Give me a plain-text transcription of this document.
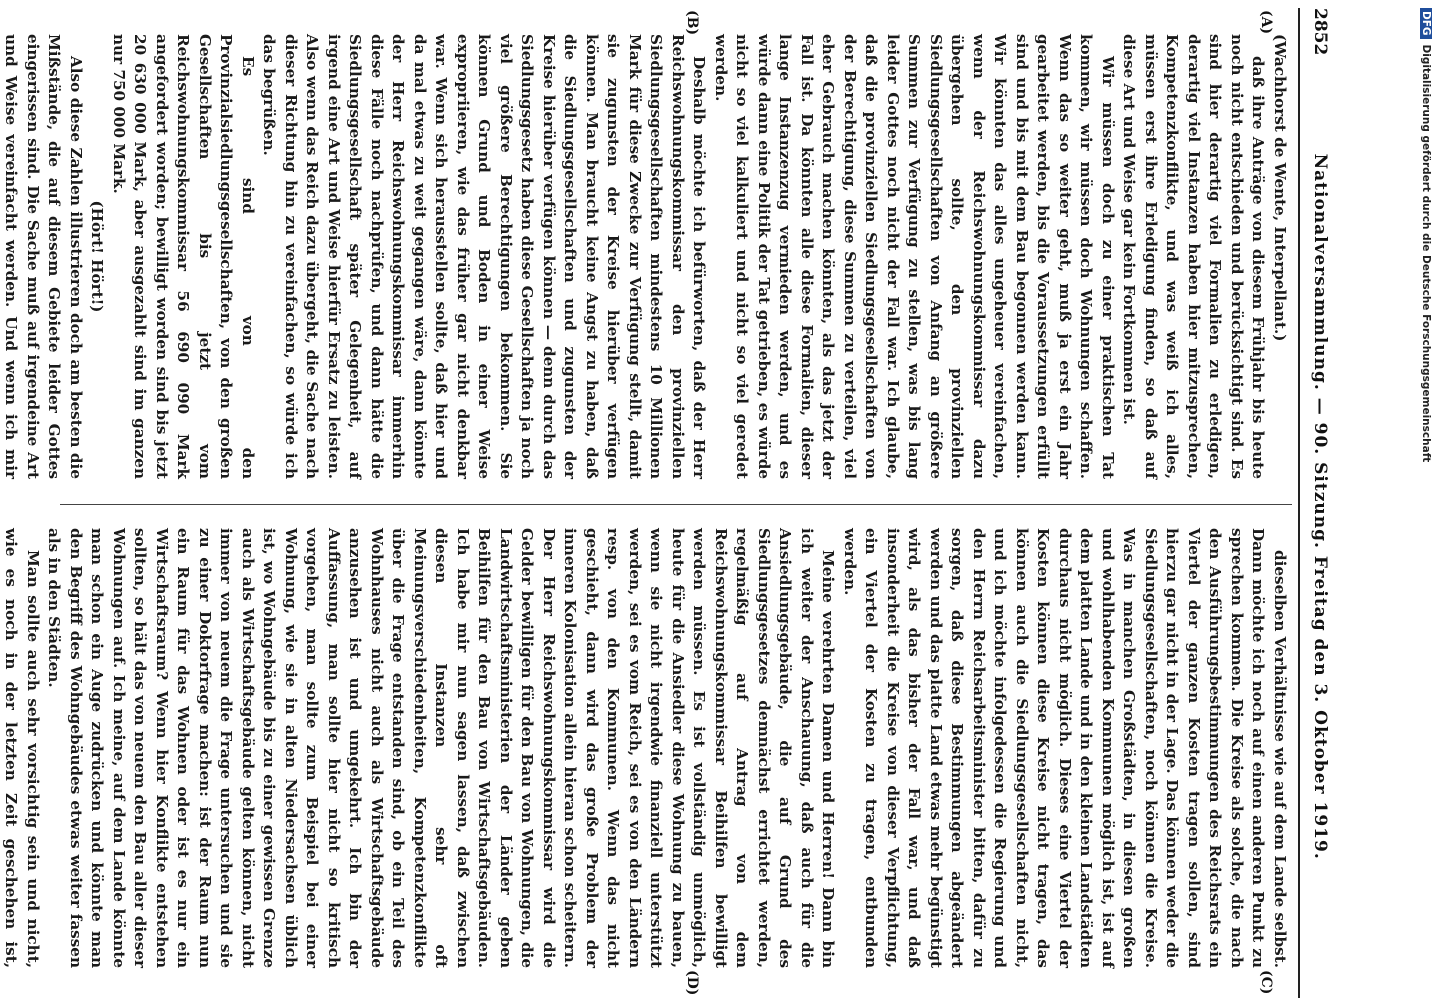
2852
Nationalversammlung. — 90. Sitzung. Freitag den 3. Oktober 1919.
(A)
(B)
(C)
(D)

(Wachhorst de Wente, Interpellant.)

daß ihre Anträge von diesem Frühjahr bis heute noch nicht entschieden und berücksichtigt sind. Es sind hier derartig viel Formalien zu erledigen, derartig viel Instanzen haben hier mitzusprechen, Kompetenzkonflikte, und was weiß ich alles, müssen erst ihre Erledigung finden, so daß auf diese Art und Weise gar kein Fortkommen ist.

Wir müssen doch zu einer praktischen Tat kommen, wir müssen doch Wohnungen schaffen. Wenn das so weiter geht, muß ja erst ein Jahr gearbeitet werden, bis die Voraussetzungen erfüllt sind und bis mit dem Bau begonnen werden kann. Wir könnten das alles ungeheuer vereinfachen, wenn der Reichswohnungskommissar dazu übergehen sollte, den provinziellen Siedlungsgesellschaften von Anfang an größere Summen zur Verfügung zu stellen, was bis lang leider Gottes noch nicht der Fall war. Ich glaube, daß die provinziellen Siedlungsgesellschaften von der Berechtigung, diese Summen zu verteilen, viel eher Gebrauch machen könnten, als das jetzt der Fall ist. Da könnten alle diese Formalien, dieser lange Instanzenzug vermieden werden, und es würde dann eine Politik der Tat getrieben, es würde nicht so viel kalkuliert und nicht so viel geredet werden.

Deshalb möchte ich befürworten, daß der Herr Reichswohnungskommissar den provinziellen Siedlungsgesellschaften mindestens 10 Millionen Mark für diese Zwecke zur Verfügung stellt, damit sie zugunsten der Kreise hierüber verfügen können. Man braucht keine Angst zu haben, daß die Siedlungsgesellschaften und zugunsten der Kreise hierüber verfügen können — denn durch das Siedlungsgesetz haben diese Gesellschaften ja noch viel größere Berechtigungen bekommen. Sie können Grund und Boden in einer Weise expropriieren, wie das früher gar nicht denkbar war. Wenn sich herausstellen sollte, daß hier und da mal etwas zu weit gegangen wäre, dann könnte der Herr Reichswohnungskommissar immerhin diese Fälle noch nachprüfen, und dann hätte die Siedlungsgesellschaft später Gelegenheit, auf irgend eine Art und Weise hierfür Ersatz zu leisten. Also wenn das Reich dazu übergeht, die Sache nach dieser Richtung hin zu vereinfachen, so würde ich das begrüßen.

Es sind von den Provinzialsiedlungsgesellschaften, von den großen Gesellschaften bis jetzt vom Reichswohnungskommissar 56 690 090 Mark angefordert worden; bewilligt worden sind bis jetzt 20 630 000 Mark, aber ausgezahlt sind im ganzen nur 750 000 Mark.

(Hört! Hört!)

Also diese Zahlen illustrieren doch am besten die Mißstände, die auf diesem Gebiete leider Gottes eingerissen sind. Die Sache muß auf irgendeine Art und Weise vereinfacht werden. Und wenn ich mir

dieselben Verhältnisse wie auf dem Lande selbst. Dann möchte ich noch auf einen anderen Punkt zu sprechen kommen. Die Kreise als solche, die nach den Ausführungsbestimmungen des Reichsrats ein Viertel der ganzen Kosten tragen sollen, sind hierzu gar nicht in der Lage. Das können weder die Siedlungsgesellschaften, noch können die Kreise. Was in manchen Großstädten, in diesen großen und wohlhabenden Kommunen möglich ist, ist auf dem platten Lande und in den kleinen Landstädten durchaus nicht möglich. Dieses eine Viertel der Kosten können diese Kreise nicht tragen, das können auch die Siedlungsgesellschaften nicht, und ich möchte infolgedessen die Regierung und den Herrn Reichsarbeitsminister bitten, dafür zu sorgen, daß diese Bestimmungen abgeändert werden und das platte Land etwas mehr begünstigt wird, als das bisher der Fall war, und daß insonderheit die Kreise von dieser Verpflichtung, ein Viertel der Kosten zu tragen, entbunden werden.

Meine verehrten Damen und Herren! Dann bin ich weiter der Anschauung, daß auch für die Ansiedlungsgebäude, die auf Grund des Siedlungsgesetzes demnächst errichtet werden, regelmäßig auf Antrag von dem Reichswohnungskommissar Beihilfen bewilligt werden müssen. Es ist vollständig unmöglich, heute für die Ansiedler diese Wohnung zu bauen, wenn sie nicht irgendwie finanziell unterstützt werden, sei es vom Reich, sei es von den Ländern resp. von den Kommunen. Wenn das nicht geschieht, dann wird das große Problem der inneren Kolonisation allein hieran schon scheitern. Der Herr Reichswohnungskommissar wird die Gelder bewilligen für den Bau von Wohnungen, die Landwirtschaftsministerien der Länder geben Beihilfen für den Bau von Wirtschaftsgebäuden. Ich habe mir nun sagen lassen, daß zwischen diesen Instanzen sehr oft Meinungsverschiedenheiten, Kompetenzkonflikte über die Frage entstanden sind, ob ein Teil des Wohnhauses nicht auch als Wirtschaftsgebäude anzusehen ist und umgekehrt. Ich bin der Auffassung, man sollte hier nicht so kritisch vorgehen, man sollte zum Beispiel bei einer Wohnung, wie sie in alten Niedersachsen üblich ist, wo Wohngebäude bis zu einer gewissen Grenze auch als Wirtschaftsgebäude gelten können, nicht immer von neuem die Frage untersuchen und sie zu einer Doktorfrage machen: ist der Raum nun ein Raum für das Wohnen oder ist es nur ein Wirtschaftsraum? Wenn hier Konflikte entstehen sollten, so hält das von neuem den Bau aller dieser Wohnungen auf. Ich meine, auf dem Lande könnte man schon ein Auge zudrücken und könnte man den Begriff des Wohngebäudes etwas weiter fassen als in den Städten.

Man sollte auch sehr vorsichtig sein und nicht, wie es noch in der letzten Zeit geschehen ist,

DFGDigitalisierung gefördert durch die Deutsche Forschungsgemeinschaft
